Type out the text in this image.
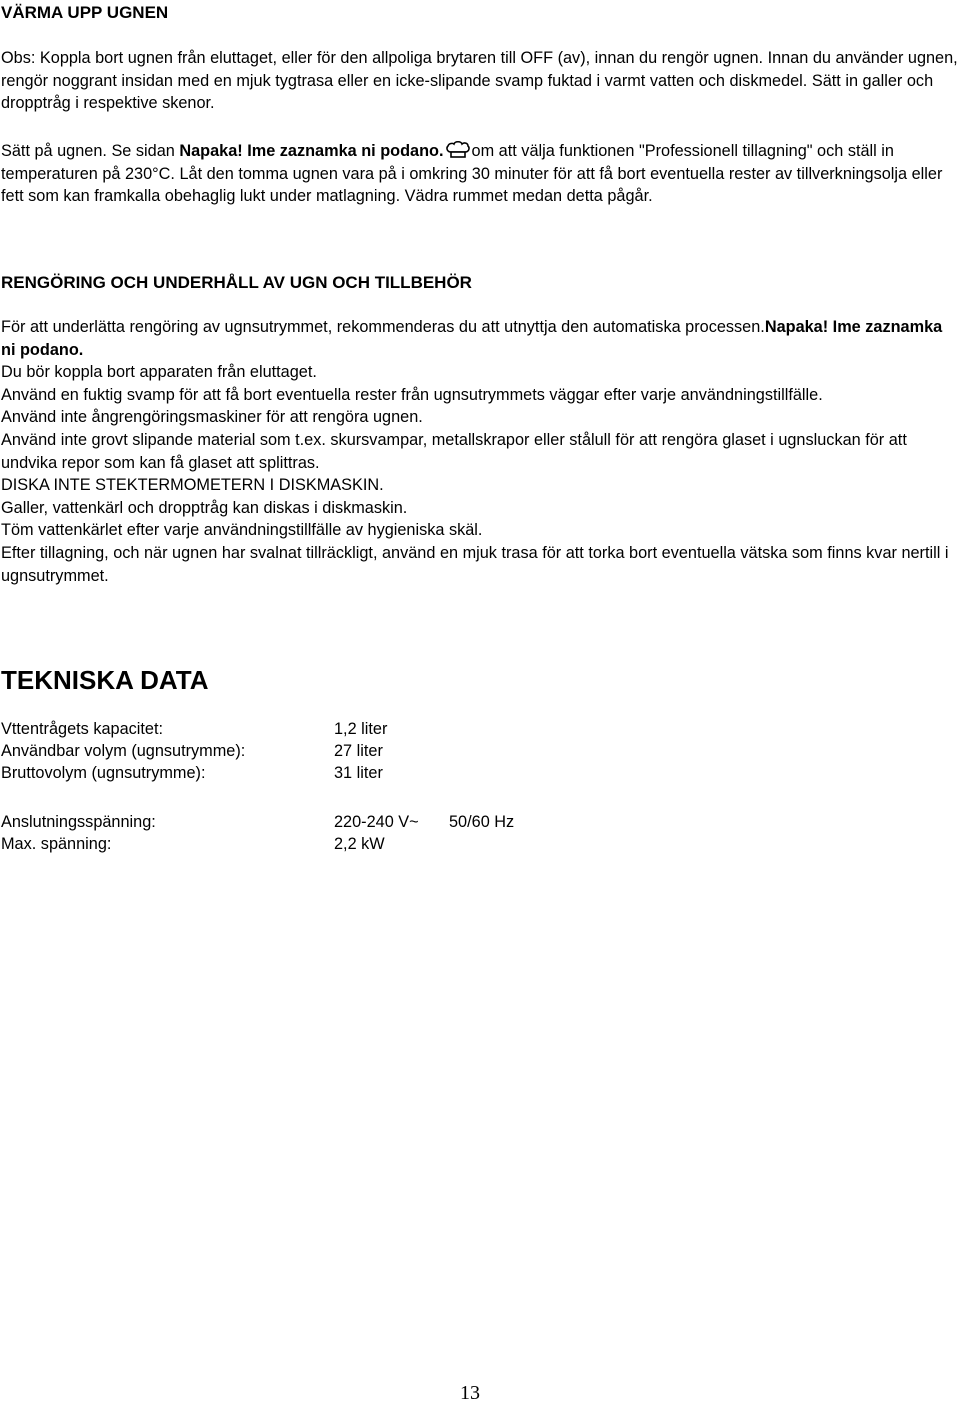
VÄRMA UPP UGNEN

Obs: Koppla bort ugnen från eluttaget, eller för den allpoliga brytaren till OFF (av), innan du rengör ugnen. Innan du använder ugnen, rengör noggrant insidan med en mjuk tygtrasa eller en icke-slipande svamp fuktad i varmt vatten och diskmedel. Sätt in galler och dropptråg i respektive skenor.

Sätt på ugnen. Se sidan Napaka! Ime zaznamka ni podano. om att välja funktionen "Professionell tillagning" och ställ in temperaturen på 230°C. Låt den tomma ugnen vara på i omkring 30 minuter för att få bort eventuella rester av tillverkningsolja eller fett som kan framkalla obehaglig lukt under matlagning. Vädra rummet medan detta pågår.

RENGÖRING OCH UNDERHÅLL AV UGN OCH TILLBEHÖR
För att underlätta rengöring av ugnsutrymmet, rekommenderas du att utnyttja den automatiska processen.Napaka! Ime zaznamka ni podano.
Du bör koppla bort apparaten från eluttaget.
Använd en fuktig svamp för att få bort eventuella rester från ugnsutrymmets väggar efter varje användningstillfälle.
Använd inte ångrengöringsmaskiner för att rengöra ugnen.
Använd inte grovt slipande material som t.ex. skursvampar, metallskrapor eller stålull för att rengöra glaset i ugnsluckan för att undvika repor som kan få glaset att splittras.
DISKA INTE STEKTERMOMETERN I DISKMASKIN.
Galler, vattenkärl och dropptråg kan diskas i diskmaskin.
Töm vattenkärlet efter varje användningstillfälle av hygieniska skäl.
Efter tillagning, och när ugnen har svalnat tillräckligt, använd en mjuk trasa för att torka bort eventuella vätska som finns kvar nertill i ugnsutrymmet.
TEKNISKA DATA
Vttentrågets kapacitet:	1,2 liter
Användbar volym (ugnsutrymme):	27 liter
Bruttovolym (ugnsutrymme):	31 liter
Anslutningsspänning:	220-240 V~ 50/60 Hz
Max. spänning:	2,2 kW
13
